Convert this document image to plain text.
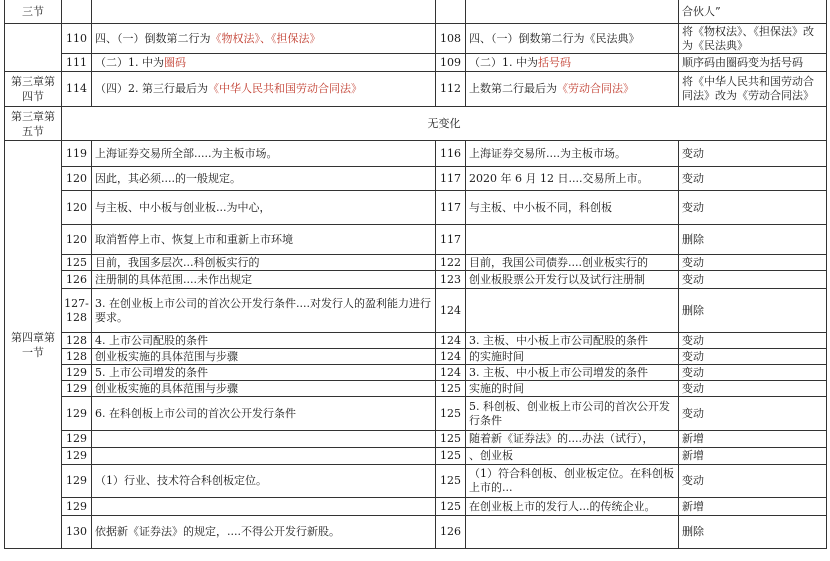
三节					合伙人”
	110	四、（一）倒数第二行为《物权法》、《担保法》	108	四、（一）倒数第二行为《民法典》	将《物权法》、《担保法》改为《民法典》
	111	（二）1. 中为圈码	109	（二）1. 中为括号码	顺序码由圈码变为括号码
第三章第四节	114	（四）2. 第三行最后为《中华人民共和国劳动合同法》	112	上数第二行最后为《劳动合同法》	将《中华人民共和国劳动合同法》改为《劳动合同法》
第三章第五节	无变化				
第四章第一节	119	上海证券交易所全部.....为主板市场。	116	上海证券交易所....为主板市场。	变动
	120	因此，其必须....的一般规定。	117	2020 年 6 月 12 日....交易所上市。	变动
	120	与主板、中小板与创业板...为中心，	117	与主板、中小板不同，科创板	变动
	120	取消暂停上市、恢复上市和重新上市环境	117		删除
	125	目前，我国多层次...科创板实行的	122	目前，我国公司债券....创业板实行的	变动
	126	注册制的具体范围....未作出规定	123	创业板股票公开发行以及试行注册制	变动
	127-128	3. 在创业板上市公司的首次公开发行条件....对发行人的盈利能力进行要求。	124		删除
	128	4. 上市公司配股的条件	124	3. 主板、中小板上市公司配股的条件	变动
	128	创业板实施的具体范围与步骤	124	的实施时间	变动
	129	5. 上市公司增发的条件	124	3. 主板、中小板上市公司增发的条件	变动
	129	创业板实施的具体范围与步骤	125	实施的时间	变动
	129	6. 在科创板上市公司的首次公开发行条件	125	5. 科创板、创业板上市公司的首次公开发行条件	变动
	129		125	随着新《证券法》的....办法（试行），	新增
	129		125	、创业板	新增
	129	（1）行业、技术符合科创板定位。	125	（1）符合科创板、创业板定位。在科创板上市的...	变动
	129		125	在创业板上市的发行人...的传统企业。	新增
	130	依据新《证券法》的规定，....不得公开发行新股。	126		删除
